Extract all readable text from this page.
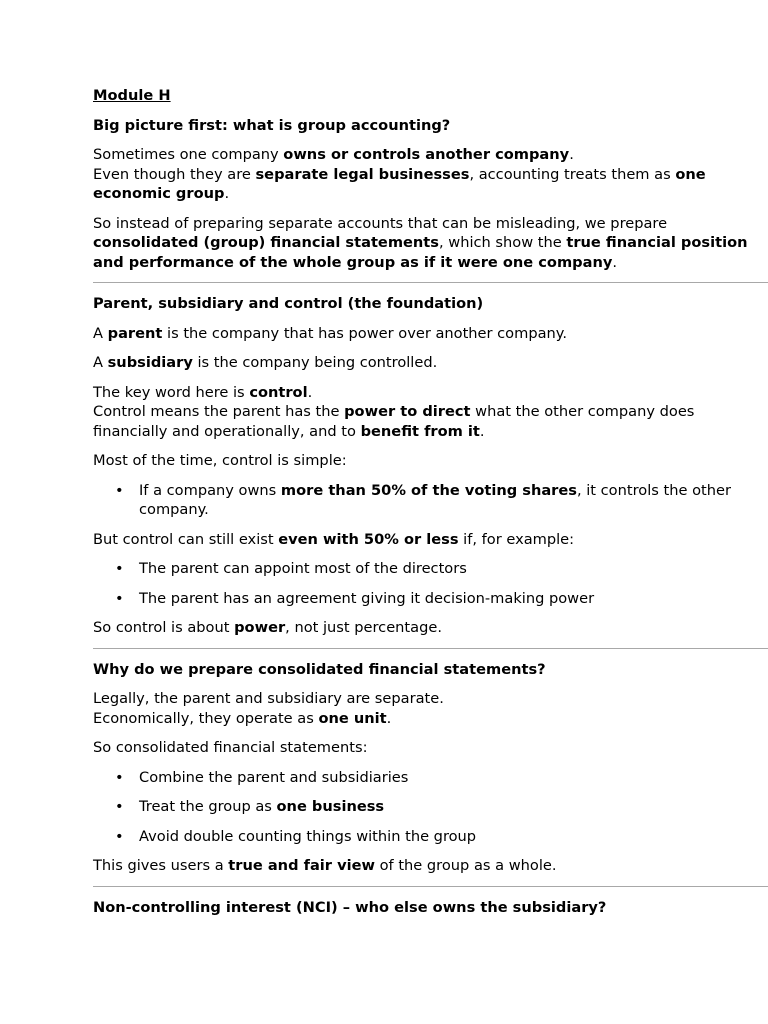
Module H

Big picture first: what is group accounting?

Sometimes one company owns or controls another company.
Even though they are separate legal businesses, accounting treats them as one economic group.

So instead of preparing separate accounts that can be misleading, we prepare consolidated (group) financial statements, which show the true financial position and performance of the whole group as if it were one company.

Parent, subsidiary and control (the foundation)

A parent is the company that has power over another company.

A subsidiary is the company being controlled.

The key word here is control.
Control means the parent has the power to direct what the other company does financially and operationally, and to benefit from it.

Most of the time, control is simple:

• If a company owns more than 50% of the voting shares, it controls the other company.

But control can still exist even with 50% or less if, for example:

• The parent can appoint most of the directors
• The parent has an agreement giving it decision-making power

So control is about power, not just percentage.

Why do we prepare consolidated financial statements?

Legally, the parent and subsidiary are separate.
Economically, they operate as one unit.

So consolidated financial statements:

• Combine the parent and subsidiaries
• Treat the group as one business
• Avoid double counting things within the group

This gives users a true and fair view of the group as a whole.

Non-controlling interest (NCI) – who else owns the subsidiary?
